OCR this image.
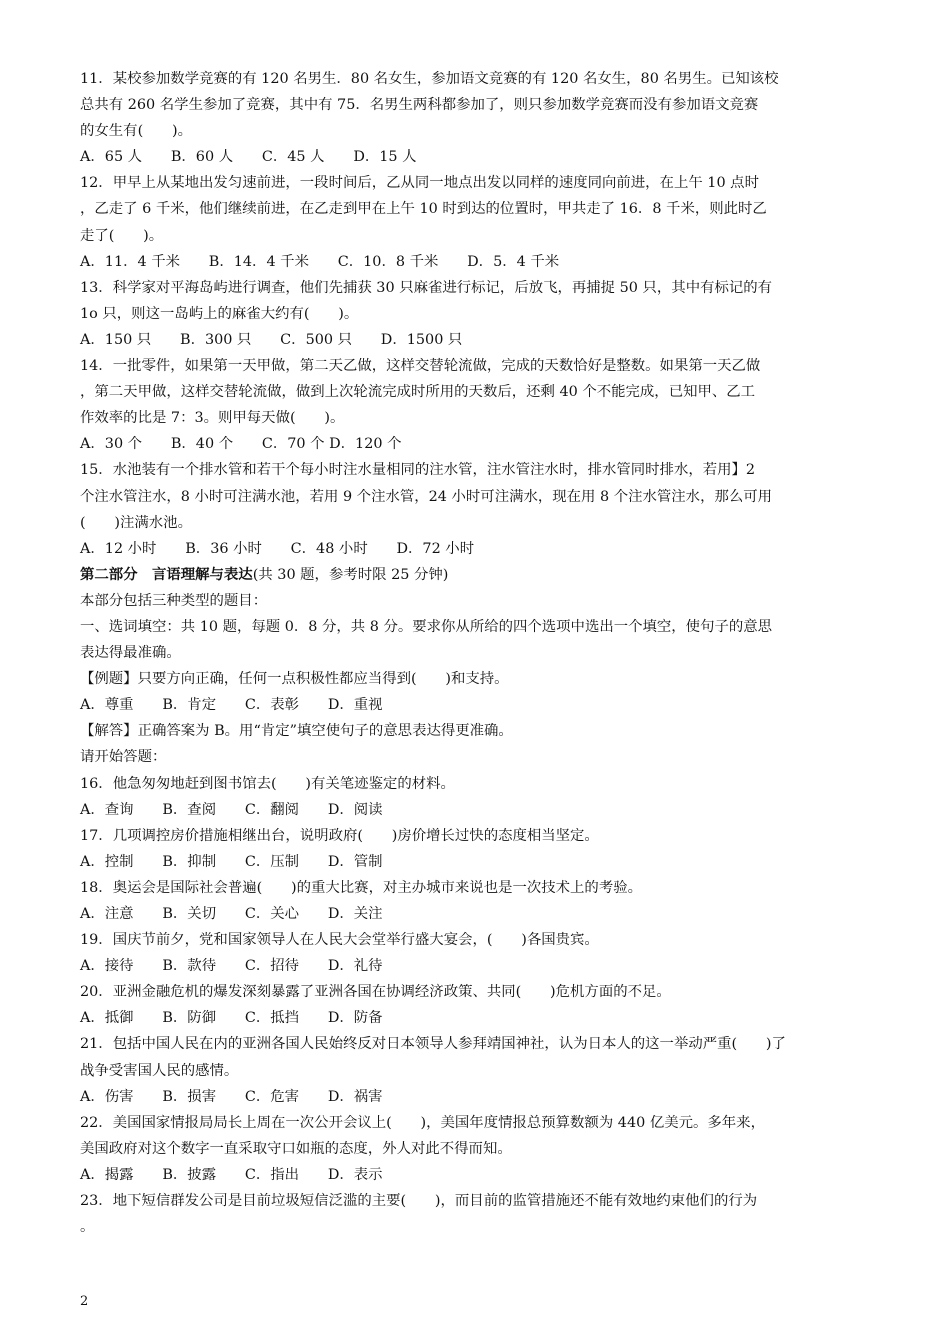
11．某校参加数学竞赛的有 120 名男生．80 名女生，参加语文竞赛的有 120 名女生，80 名男生。已知该校
总共有 260 名学生参加了竞赛，其中有 75．名男生两科都参加了，则只参加数学竞赛而没有参加语文竞赛
的女生有(　　)。
A．65 人　　B．60 人　　C．45 人　　D．15 人
12．甲早上从某地出发匀速前进，一段时间后，乙从同一地点出发以同样的速度同向前进，在上午 10 点时
，乙走了 6 千米，他们继续前进，在乙走到甲在上午 10 时到达的位置时，甲共走了 16．8 千米，则此时乙
走了(　　)。
A．11．4 千米　　B．14．4 千米　　C．10．8 千米　　D．5．4 千米
13．科学家对平海岛屿进行调查，他们先捕获 30 只麻雀进行标记，后放飞，再捕捉 50 只，其中有标记的有
1o 只，则这一岛屿上的麻雀大约有(　　)。
A．150 只　　B．300 只　　C．500 只　　D．1500 只
14．一批零件，如果第一天甲做，第二天乙做，这样交替轮流做，完成的天数恰好是整数。如果第一天乙做
，第二天甲做，这样交替轮流做，做到上次轮流完成时所用的天数后，还剩 40 个不能完成，已知甲、乙工
作效率的比是 7：3。则甲每天做(　　)。
A．30 个　　B．40 个　　C．70 个 D．120 个
15．水池装有一个排水管和若干个每小时注水量相同的注水管，注水管注水时，排水管同时排水，若用】2
个注水管注水，8 小时可注满水池，若用 9 个注水管，24 小时可注满水，现在用 8 个注水管注水，那么可用
(　　)注满水池。
A．12 小时　　B．36 小时　　C．48 小时　　D．72 小时
第二部分　言语理解与表达(共 30 题，参考时限 25 分钟)
本部分包括三种类型的题目：
一、选词填空：共 10 题，每题 0．8 分，共 8 分。要求你从所给的四个选项中选出一个填空，使句子的意思
表达得最准确。
【例题】只要方向正确，任何一点积极性都应当得到(　　)和支持。
A．尊重　　B．肯定　　C．表彰　　D．重视
【解答】正确答案为 B。用“肯定”填空使句子的意思表达得更准确。
请开始答题：
16．他急匆匆地赶到图书馆去(　　)有关笔迹鉴定的材料。
A．查询　　B．查阅　　C．翻阅　　D．阅读
17．几项调控房价措施相继出台，说明政府(　　)房价增长过快的态度相当坚定。
A．控制　　B．抑制　　C．压制　　D．管制
18．奥运会是国际社会普遍(　　)的重大比赛，对主办城市来说也是一次技术上的考验。
A．注意　　B．关切　　C．关心　　D．关注
19．国庆节前夕，党和国家领导人在人民大会堂举行盛大宴会，(　　)各国贵宾。
A．接待　　B．款待　　C．招待　　D．礼待
20．亚洲金融危机的爆发深刻暴露了亚洲各国在协调经济政策、共同(　　)危机方面的不足。
A．抵御　　B．防御　　C．抵挡　　D．防备
21．包括中国人民在内的亚洲各国人民始终反对日本领导人参拜靖国神社，认为日本人的这一举动严重(　　)了
战争受害国人民的感情。
A．伤害　　B．损害　　C．危害　　D．祸害
22．美国国家情报局局长上周在一次公开会议上(　　)，美国年度情报总预算数额为 440 亿美元。多年来，
美国政府对这个数字一直采取守口如瓶的态度，外人对此不得而知。
A．揭露　　B．披露　　C．指出　　D．表示
23．地下短信群发公司是目前垃圾短信泛滥的主要(　　)，而目前的监管措施还不能有效地约束他们的行为
。
2
